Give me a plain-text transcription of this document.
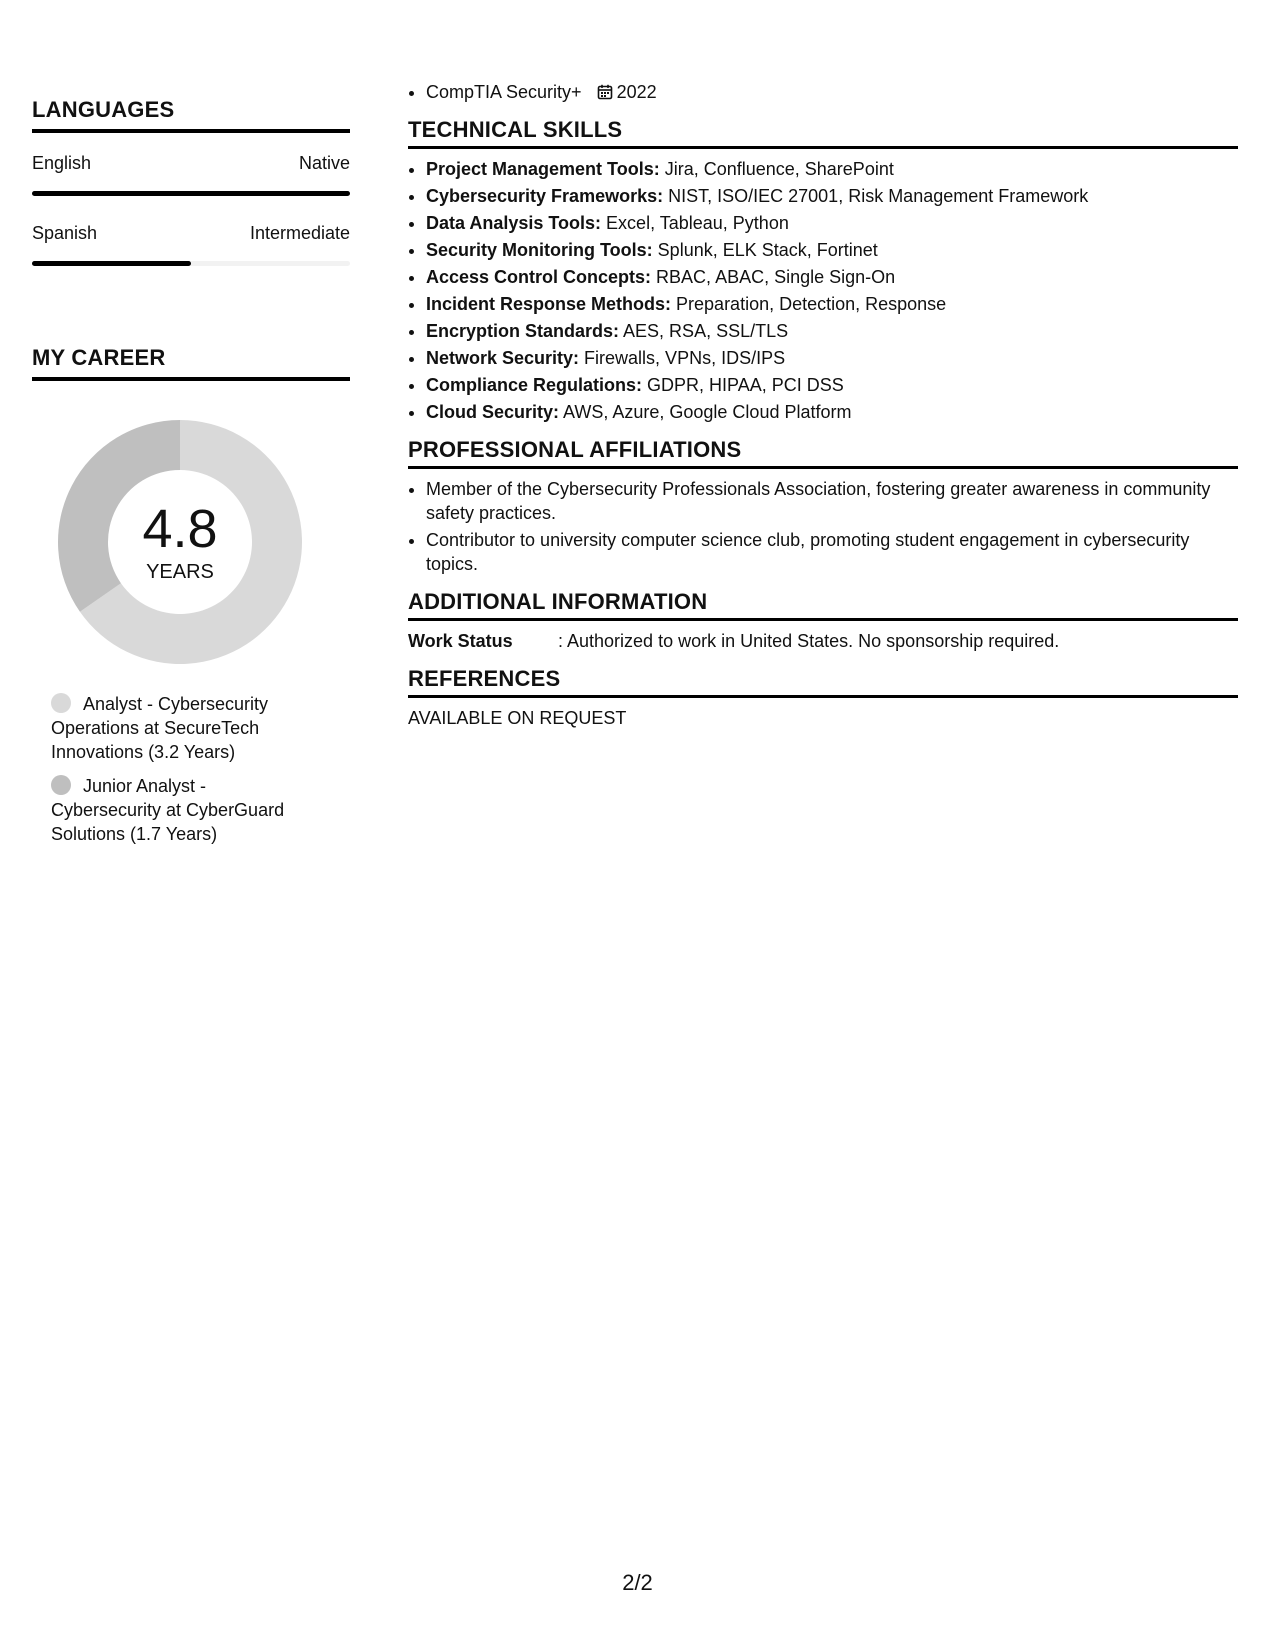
LANGUAGES
English	Native
Spanish	Intermediate
MY CAREER
4.8
YEARS
Analyst - Cybersecurity Operations at SecureTech Innovations (3.2 Years)
Junior Analyst - Cybersecurity at CyberGuard Solutions (1.7 Years)
• CompTIA Security+ 2022
TECHNICAL SKILLS
• Project Management Tools: Jira, Confluence, SharePoint
• Cybersecurity Frameworks: NIST, ISO/IEC 27001, Risk Management Framework
• Data Analysis Tools: Excel, Tableau, Python
• Security Monitoring Tools: Splunk, ELK Stack, Fortinet
• Access Control Concepts: RBAC, ABAC, Single Sign-On
• Incident Response Methods: Preparation, Detection, Response
• Encryption Standards: AES, RSA, SSL/TLS
• Network Security: Firewalls, VPNs, IDS/IPS
• Compliance Regulations: GDPR, HIPAA, PCI DSS
• Cloud Security: AWS, Azure, Google Cloud Platform
PROFESSIONAL AFFILIATIONS
• Member of the Cybersecurity Professionals Association, fostering greater awareness in community safety practices.
• Contributor to university computer science club, promoting student engagement in cybersecurity topics.
ADDITIONAL INFORMATION
Work Status	: Authorized to work in United States. No sponsorship required.
REFERENCES
AVAILABLE ON REQUEST
2/2
